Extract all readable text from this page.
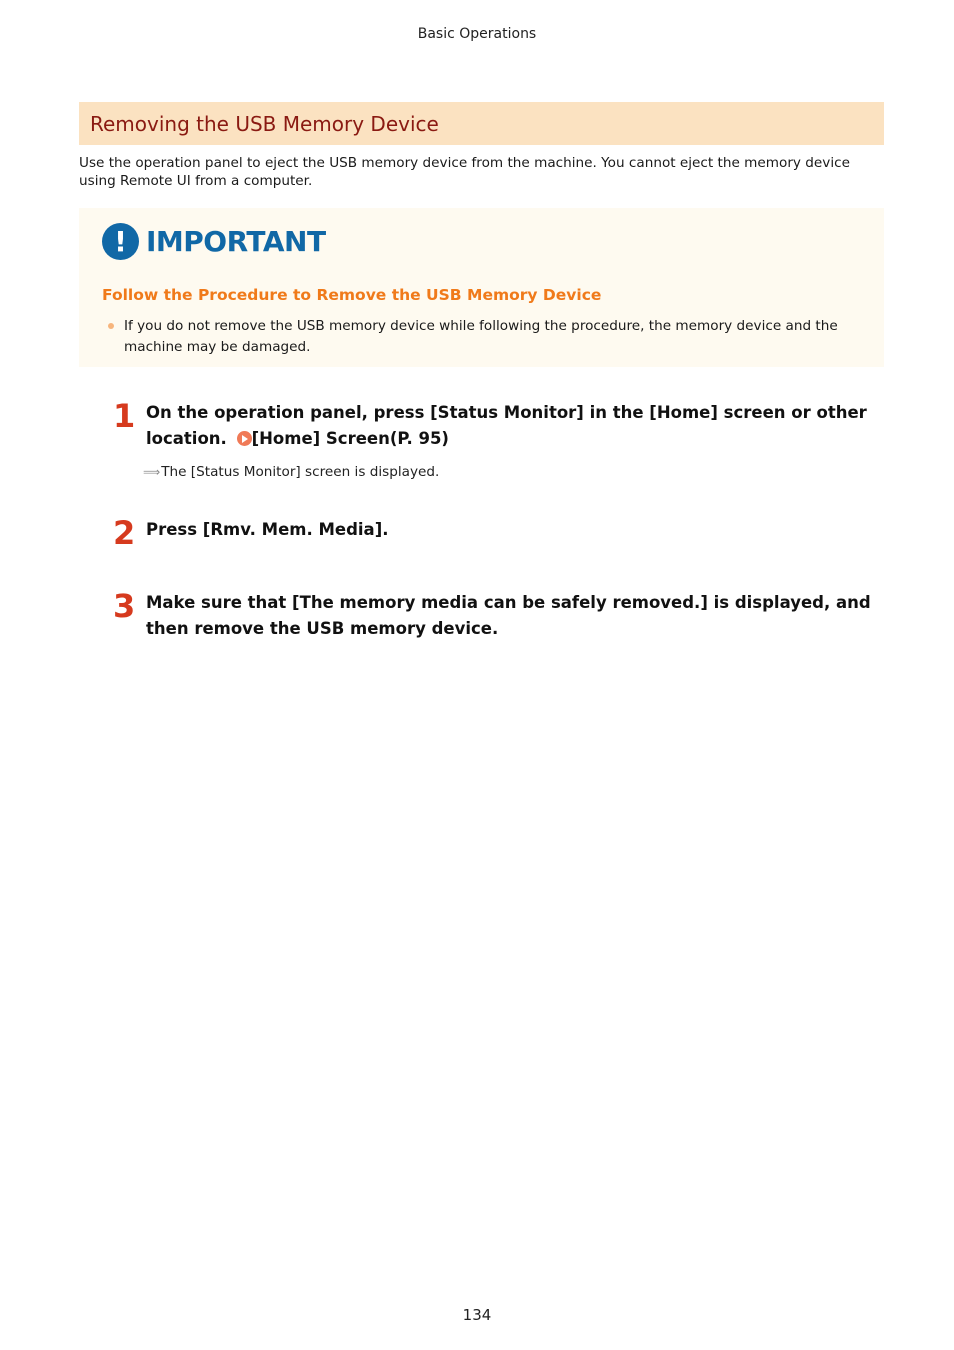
Basic Operations
Removing the USB Memory Device

Use the operation panel to eject the USB memory device from the machine. You cannot eject the memory device using Remote UI from a computer.

! IMPORTANT
Follow the Procedure to Remove the USB Memory Device
If you do not remove the USB memory device while following the procedure, the memory device and the machine may be damaged.
1 On the operation panel, press [Status Monitor] in the [Home] screen or other location. [Home] Screen(P. 95)
⟹ The [Status Monitor] screen is displayed.
2 Press [Rmv. Mem. Media].
3 Make sure that [The memory media can be safely removed.] is displayed, and then remove the USB memory device.
134
